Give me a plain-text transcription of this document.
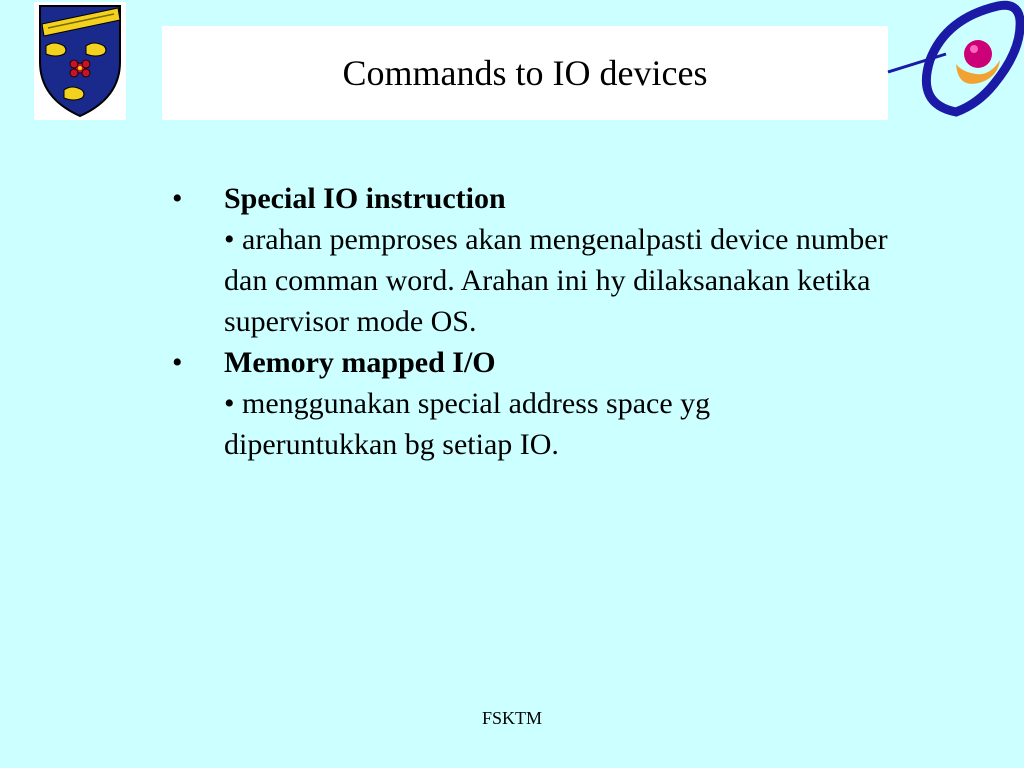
Commands to IO devices
•	Special IO instruction
• arahan pemproses akan mengenalpasti device number dan comman word. Arahan ini hy dilaksanakan ketika supervisor mode OS.
•	Memory mapped I/O
• menggunakan special address space yg diperuntukkan bg setiap IO.
FSKTM
